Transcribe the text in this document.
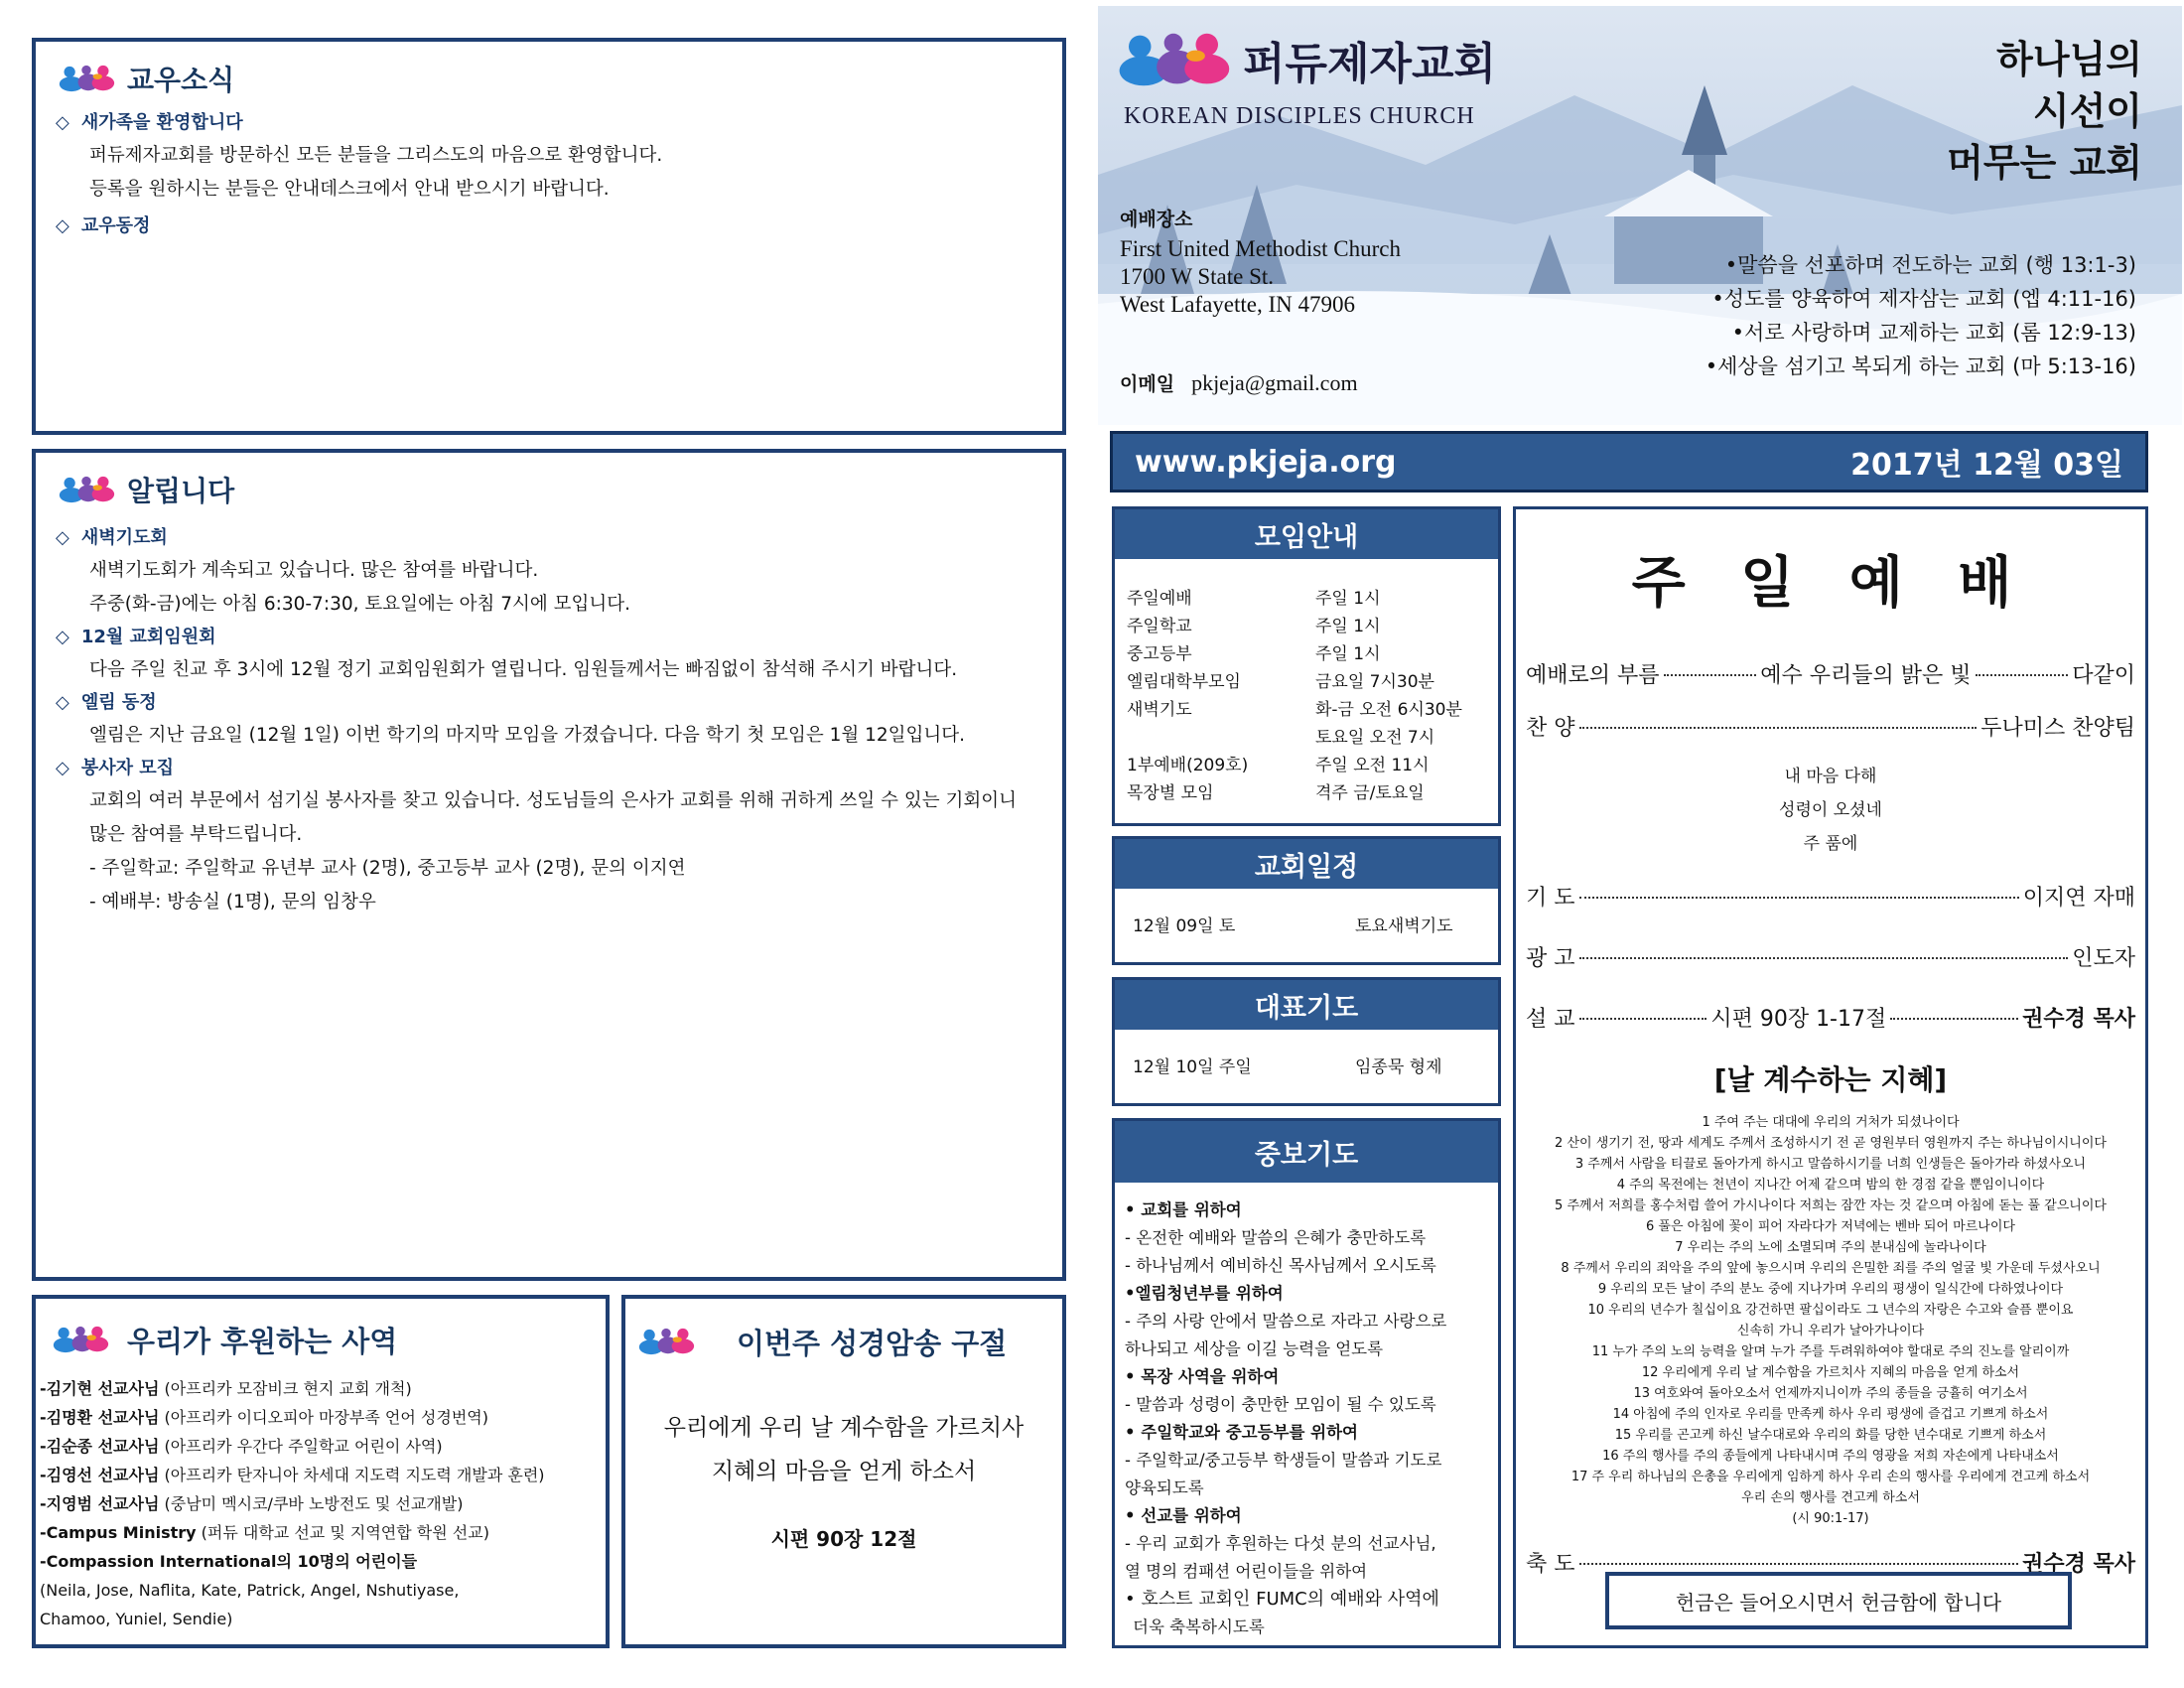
교우소식
◇ 새가족을 환영합니다
퍼듀제자교회를 방문하신 모든 분들을 그리스도의 마음으로 환영합니다.
등록을 원하시는 분들은 안내데스크에서 안내 받으시기 바랍니다.
◇ 교우동정
알립니다
◇ 새벽기도회
새벽기도회가 계속되고 있습니다. 많은 참여를 바랍니다.
주중(화-금)에는 아침 6:30-7:30, 토요일에는 아침 7시에 모입니다.
◇ 12월 교회임원회
다음 주일 친교 후 3시에 12월 정기 교회임원회가 열립니다. 임원들께서는 빠짐없이 참석해 주시기 바랍니다.
◇ 엘림 동정
엘림은 지난 금요일 (12월 1일) 이번 학기의 마지막 모임을 가졌습니다. 다음 학기 첫 모임은 1월 12일입니다.
◇ 봉사자 모집
교회의 여러 부문에서 섬기실 봉사자를 찾고 있습니다. 성도님들의 은사가 교회를 위해 귀하게 쓰일 수 있는 기회이니
많은 참여를 부탁드립니다.
- 주일학교: 주일학교 유년부 교사 (2명), 중고등부 교사 (2명), 문의 이지연
- 예배부: 방송실 (1명), 문의 임창우
우리가 후원하는 사역
-김기현 선교사님 (아프리카 모잠비크 현지 교회 개척)
-김명환 선교사님 (아프리카 이디오피아 마장부족 언어 성경번역)
-김순종 선교사님 (아프리카 우간다 주일학교 어린이 사역)
-김영선 선교사님 (아프리카 탄자니아 차세대 지도력 지도력 개발과 훈련)
-지영범 선교사님 (중남미 멕시코/쿠바 노방전도 및 선교개발)
-Campus Ministry (퍼듀 대학교 선교 및 지역연합 학원 선교)
-Compassion International의 10명의 어린이들
(Neila, Jose, Naflita, Kate, Patrick, Angel, Nshutiyase,
Chamoo, Yuniel, Sendie)
이번주 성경암송 구절
우리에게 우리 날 계수함을 가르치사
지혜의 마음을 얻게 하소서
시편 90장 12절
퍼듀제자교회
KOREAN DISCIPLES CHURCH
하나님의
시선이
머무는 교회
예배장소
First United Methodist Church
1700 W State St.
West Lafayette, IN 47906
이메일 pkjeja@gmail.com
•말씀을 선포하며 전도하는 교회 (행 13:1-3)
•성도를 양육하여 제자삼는 교회 (엡 4:11-16)
•서로 사랑하며 교제하는 교회 (롬 12:9-13)
•세상을 섬기고 복되게 하는 교회 (마 5:13-16)
www.pkjeja.org	2017년 12월 03일
모임안내
주일예배	주일 1시
주일학교	주일 1시
중고등부	주일 1시
엘림대학부모임	금요일 7시30분
새벽기도	화-금 오전 6시30분
토요일 오전 7시
1부예배(209호)	주일 오전 11시
목장별 모임	격주 금/토요일
교회일정
12월 09일 토	토요새벽기도
대표기도
12월 10일 주일	임종묵 형제
중보기도
• 교회를 위하여
- 온전한 예배와 말씀의 은혜가 충만하도록
- 하나님께서 예비하신 목사님께서 오시도록
•엘림청년부를 위하여
- 주의 사랑 안에서 말씀으로 자라고 사랑으로
하나되고 세상을 이길 능력을 얻도록
• 목장 사역을 위하여
- 말씀과 성령이 충만한 모임이 될 수 있도록
• 주일학교와 중고등부를 위하여
- 주일학교/중고등부 학생들이 말씀과 기도로
양육되도록
• 선교를 위하여
- 우리 교회가 후원하는 다섯 분의 선교사님,
열 명의 컴패션 어린이들을 위하여
• 호스트 교회인 FUMC의 예배와 사역에
더욱 축복하시도록
주 일 예 배
예배로의 부름	예수 우리들의 밝은 빛	다같이
찬 양	두나미스 찬양팀
내 마음 다해
성령이 오셨네
주 품에
기 도	이지연 자매
광 고	인도자
설 교	시편 90장 1-17절	권수경 목사
[날 계수하는 지혜]
1 주여 주는 대대에 우리의 거처가 되셨나이다
2 산이 생기기 전, 땅과 세계도 주께서 조성하시기 전 곧 영원부터 영원까지 주는 하나님이시니이다
3 주께서 사람을 티끌로 돌아가게 하시고 말씀하시기를 너희 인생들은 돌아가라 하셨사오니
4 주의 목전에는 천년이 지나간 어제 같으며 밤의 한 경점 같을 뿐임이니이다
5 주께서 저희를 홍수처럼 쓸어 가시나이다 저희는 잠깐 자는 것 같으며 아침에 돋는 풀 같으니이다
6 풀은 아침에 꽃이 피어 자라다가 저녁에는 벤바 되어 마르나이다
7 우리는 주의 노에 소멸되며 주의 분내심에 놀라나이다
8 주께서 우리의 죄악을 주의 앞에 놓으시며 우리의 은밀한 죄를 주의 얼굴 빛 가운데 두셨사오니
9 우리의 모든 날이 주의 분노 중에 지나가며 우리의 평생이 일식간에 다하였나이다
10 우리의 년수가 칠십이요 강건하면 팔십이라도 그 년수의 자랑은 수고와 슬픔 뿐이요
신속히 가니 우리가 날아가나이다
11 누가 주의 노의 능력을 알며 누가 주를 두려워하여야 할대로 주의 진노를 알리이까
12 우리에게 우리 날 계수함을 가르치사 지혜의 마음을 얻게 하소서
13 여호와여 돌아오소서 언제까지니이까 주의 종들을 긍휼히 여기소서
14 아침에 주의 인자로 우리를 만족케 하사 우리 평생에 즐겁고 기쁘게 하소서
15 우리를 곤고케 하신 날수대로와 우리의 화를 당한 년수대로 기쁘게 하소서
16 주의 행사를 주의 종들에게 나타내시며 주의 영광을 저희 자손에게 나타내소서
17 주 우리 하나님의 은총을 우리에게 임하게 하사 우리 손의 행사를 우리에게 견고케 하소서
우리 손의 행사를 견고케 하소서
(시 90:1-17)
축 도	권수경 목사
헌금은 들어오시면서 헌금함에 합니다
